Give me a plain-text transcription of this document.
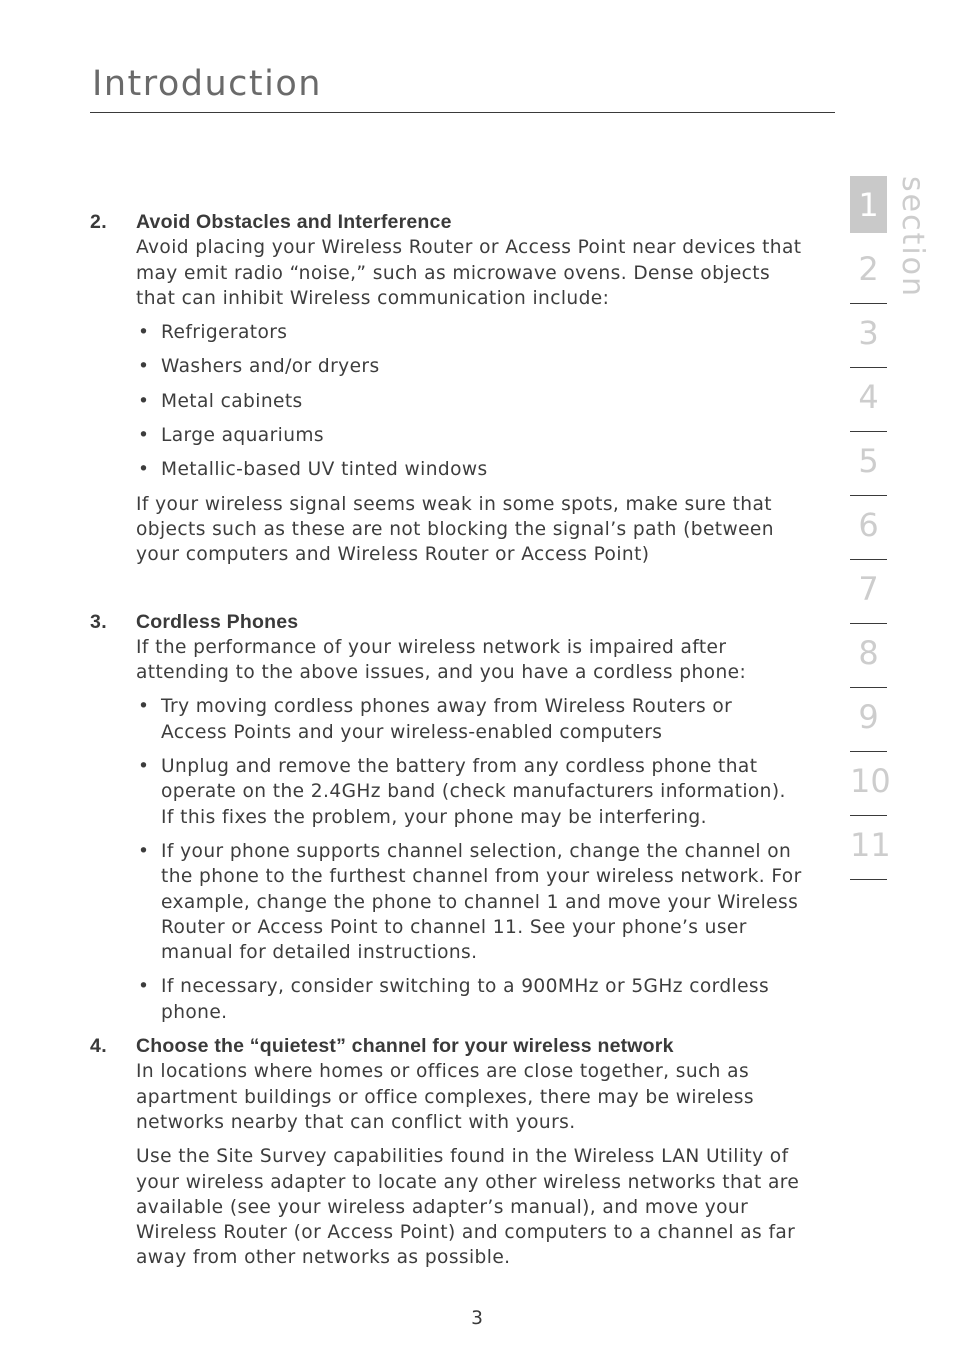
Introduction
2. Avoid Obstacles and Interference

Avoid placing your Wireless Router or Access Point near devices that may emit radio “noise,” such as microwave ovens. Dense objects that can inhibit Wireless communication include:

• Refrigerators
• Washers and/or dryers
• Metal cabinets
• Large aquariums
• Metallic-based UV tinted windows

If your wireless signal seems weak in some spots, make sure that objects such as these are not blocking the signal’s path (between your computers and Wireless Router or Access Point)

3. Cordless Phones

If the performance of your wireless network is impaired after attending to the above issues, and you have a cordless phone:

• Try moving cordless phones away from Wireless Routers or Access Points and your wireless-enabled computers
• Unplug and remove the battery from any cordless phone that operate on the 2.4GHz band (check manufacturers information). If this fixes the problem, your phone may be interfering.
• If your phone supports channel selection, change the channel on the phone to the furthest channel from your wireless network. For example, change the phone to channel 1 and move your Wireless Router or Access Point to channel 11. See your phone’s user manual for detailed instructions.
• If necessary, consider switching to a 900MHz or 5GHz cordless phone.
4. Choose the “quietest” channel for your wireless network

In locations where homes or offices are close together, such as apartment buildings or office complexes, there may be wireless networks nearby that can conflict with yours.

Use the Site Survey capabilities found in the Wireless LAN Utility of your wireless adapter to locate any other wireless networks that are available (see your wireless adapter’s manual), and move your Wireless Router (or Access Point) and computers to a channel as far away from other networks as possible.

1
2
3
4
5
6
7
8
9
10
11
section
3
